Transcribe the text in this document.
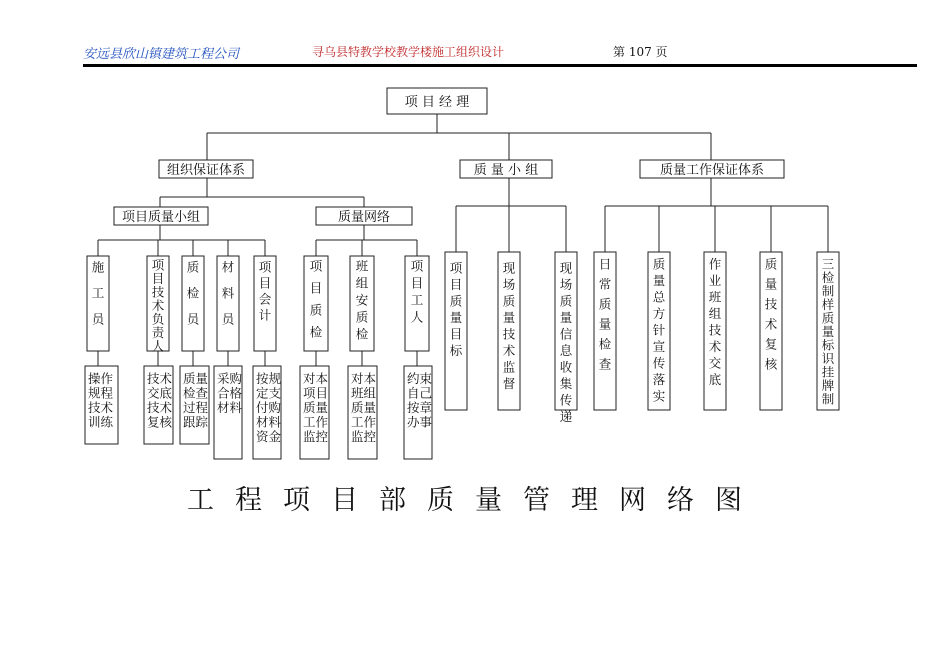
安远县欣山镇建筑工程公司	寻乌县特教学校教学楼施工组织设计	第 107 页
项 目 经 理
组织保证体系	质 量 小 组	质量工作保证体系
项目质量小组	质量网络
施工员
项目技术负责人
质检员
材料员
项目会计
操作规程技术训练
技术交底技术复核
质量检查过程跟踪
采购合格材料
按规定支付购材料资金
项目质检
班组安质检
项目工人
对本项目质量工作监控
对本班组质量工作监控
约束自己按章办事
项目质量目标
现场质量技术监督
现场质量信息收集传递
日常质量检查
质量总方针宣传落实
作业班组技术交底
质量技术复核
三检制样质量标识挂牌制
工程项目部质量管理网络图
